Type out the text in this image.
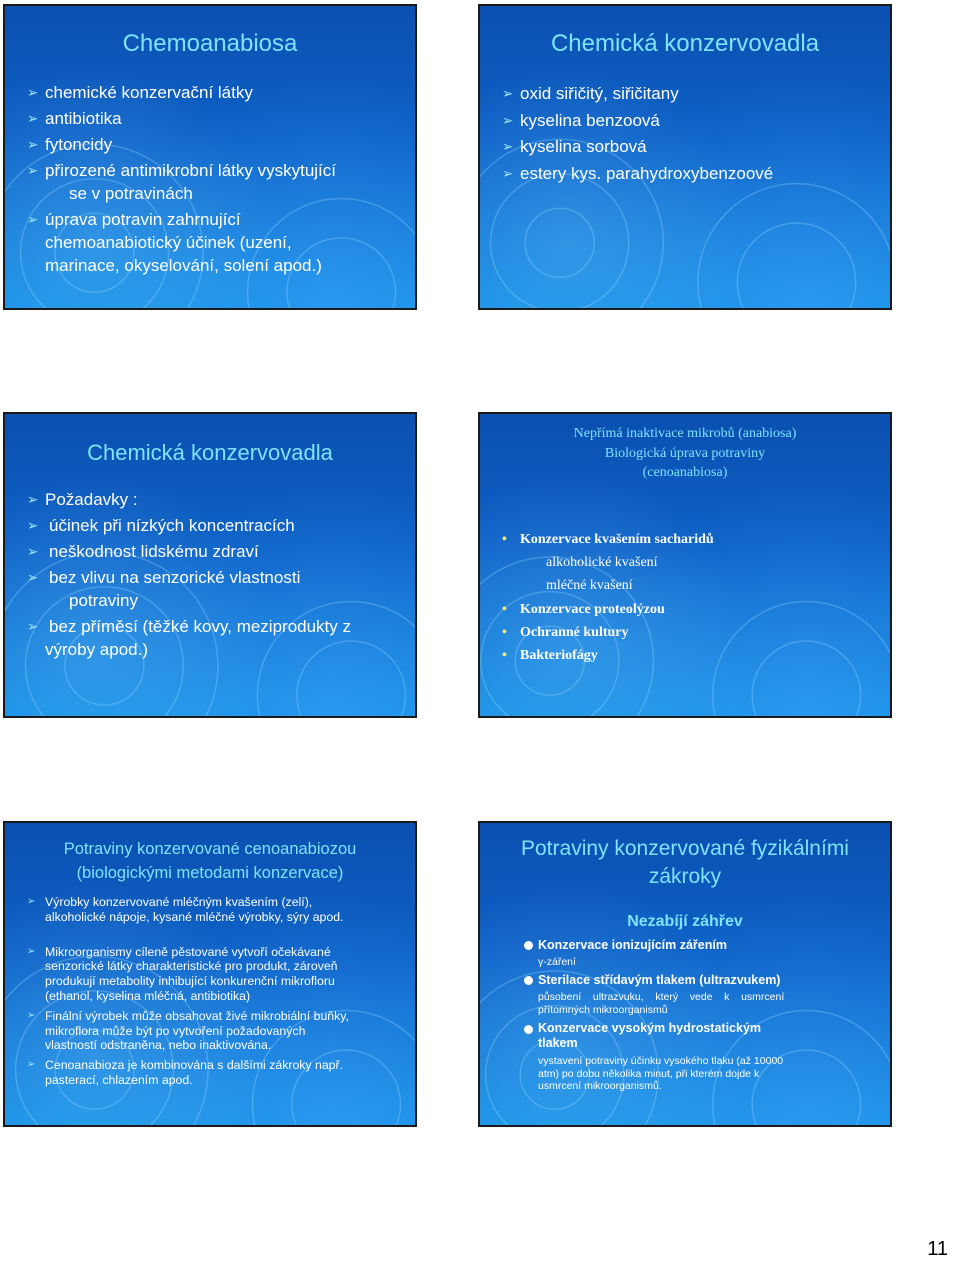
Chemoanabiosa
➢ chemické konzervační látky
➢ antibiotika
➢ fytoncidy
➢ přirozené antimikrobní látky vyskytující
se v potravinách
➢ úprava potravin zahrnující
chemoanabiotický účinek (uzení,
marinace, okyselování, solení apod.)
Chemická konzervovadla
➢ oxid siřičitý, siřičitany
➢ kyselina benzoová
➢ kyselina sorbová
➢ estery kys. parahydroxybenzoové
Chemická konzervovadla
➢ Požadavky :
➢ účinek při nízkých koncentracích
➢ neškodnost lidskému zdraví
➢ bez vlivu na senzorické vlastnosti
potraviny
➢ bez příměsí (těžké kovy, meziprodukty z
výroby apod.)
Nepřímá inaktivace mikrobů (anabiosa)
Biologická úprava potraviny
(cenoanabiosa)
• Konzervace kvašením sacharidů
alkoholické kvašení
mléčné kvašení
• Konzervace proteolýzou
• Ochranné kultury
• Bakteriofágy
Potraviny konzervované cenoanabiozou
(biologickými metodami konzervace)
➢ Výrobky konzervované mléčným kvašením (zelí),
alkoholické nápoje, kysané mléčné výrobky, sýry apod.
➢ Mikroorganismy cíleně pěstované vytvoří očekávané
senzorické látky charakteristické pro produkt, zároveň
produkují metabolity inhibující konkurenční mikrofloru
(ethanol, kyselina mléčná, antibiotika)
➢ Finální výrobek může obsahovat živé mikrobiální buňky,
mikroflora může být po vytvoření požadovaných
vlastností odstraněna, nebo inaktivována.
➢ Cenoanabioza je kombinována s dalšími zákroky např.
pasterací, chlazením apod.
Potraviny konzervované fyzikálními
zákroky
Nezabíjí záhřev
Konzervace ionizujícím zářením
γ-záření
Sterilace střídavým tlakem (ultrazvukem)
působení    ultrazvuku,    který    vede    k    usmrcení
přítomných mikroorganismů
Konzervace vysokým hydrostatickým
tlakem
vystavení potraviny účinku vysokého tlaku (až 10000
atm) po dobu několika minut, při kterém dojde k
usmrcení mikroorganismů.
11
